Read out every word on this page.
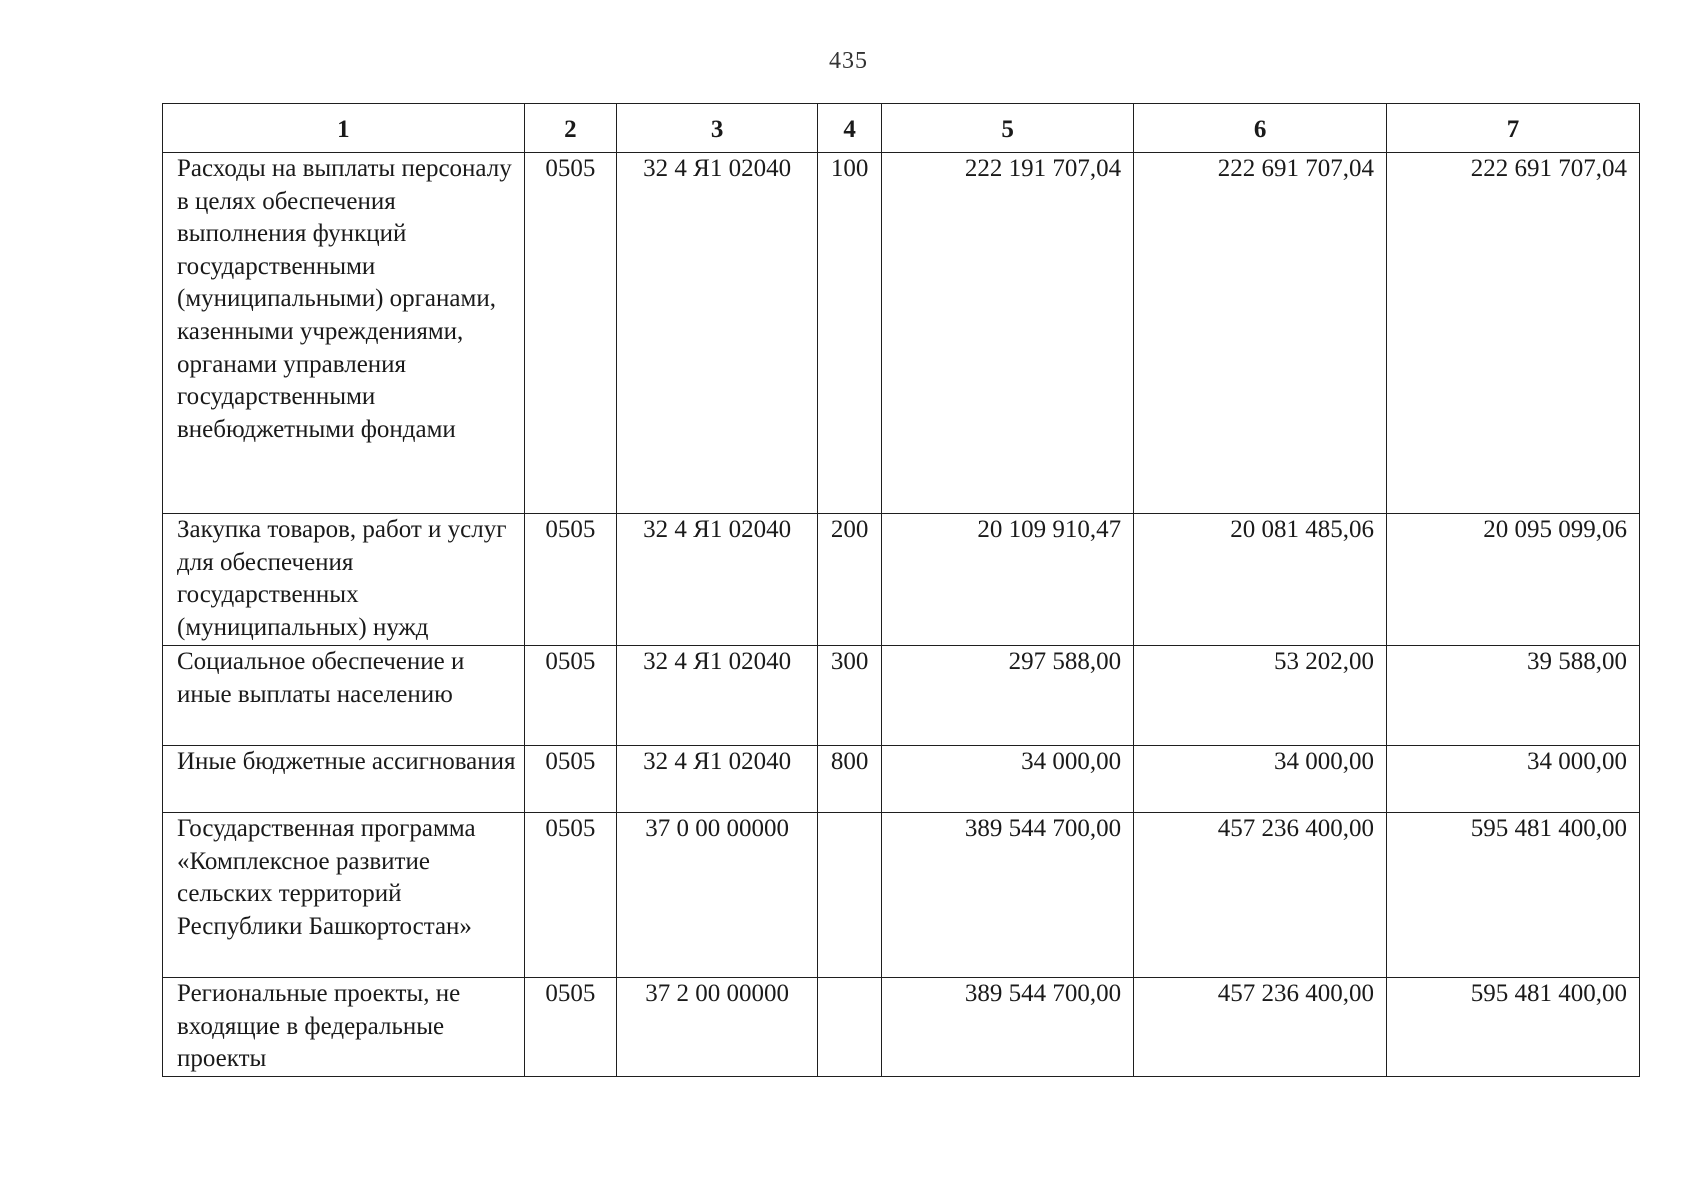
435
1	2	3	4	5	6	7
Расходы на выплаты персоналу в целях обеспечения выполнения функций государственными (муниципальными) органами, казенными учреждениями, органами управления государственными внебюджетными фондами	0505	32 4 Я1 02040	100	222 191 707,04	222 691 707,04	222 691 707,04
Закупка товаров, работ и услуг для обеспечения государственных (муниципальных) нужд	0505	32 4 Я1 02040	200	20 109 910,47	20 081 485,06	20 095 099,06
Социальное обеспечение и иные выплаты населению	0505	32 4 Я1 02040	300	297 588,00	53 202,00	39 588,00
Иные бюджетные ассигнования	0505	32 4 Я1 02040	800	34 000,00	34 000,00	34 000,00
Государственная программа «Комплексное развитие сельских территорий Республики Башкортостан»	0505	37 0 00 00000		389 544 700,00	457 236 400,00	595 481 400,00
Региональные проекты, не входящие в федеральные проекты	0505	37 2 00 00000		389 544 700,00	457 236 400,00	595 481 400,00
